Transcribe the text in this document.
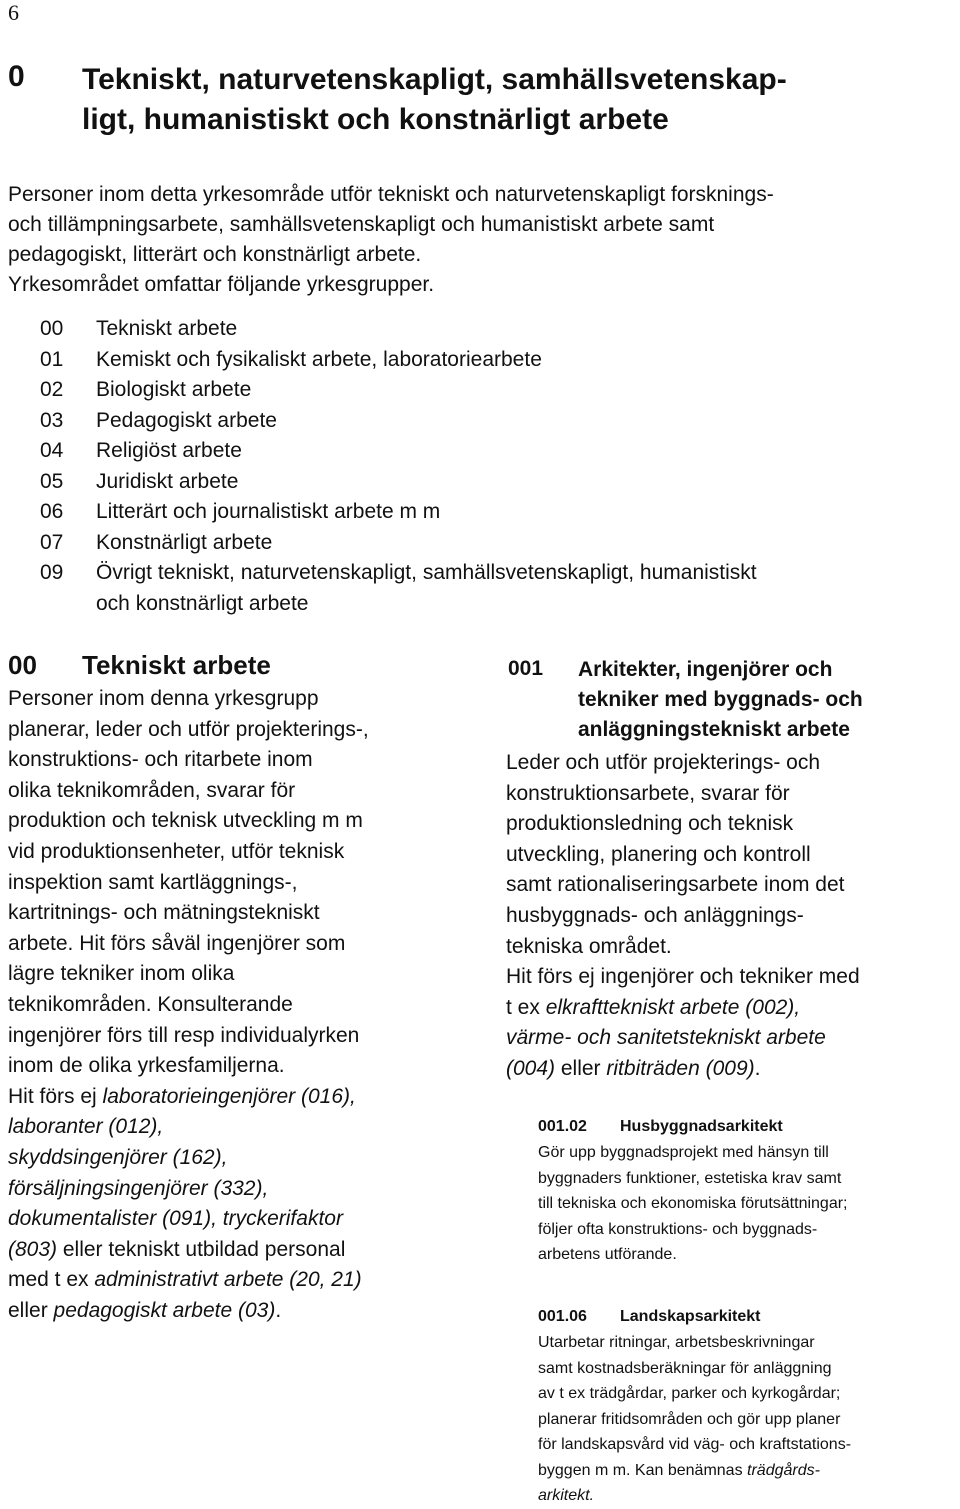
6
0 Tekniskt, naturvetenskapligt, samhällsvetenskap-
ligt, humanistiskt och konstnärligt arbete
Personer inom detta yrkesområde utför tekniskt och naturvetenskapligt forsknings-
och tillämpningsarbete, samhällsvetenskapligt och humanistiskt arbete samt
pedagogiskt, litterärt och konstnärligt arbete.
Yrkesområdet omfattar följande yrkesgrupper.
00 Tekniskt arbete
01 Kemiskt och fysikaliskt arbete, laboratoriearbete
02 Biologiskt arbete
03 Pedagogiskt arbete
04 Religiöst arbete
05 Juridiskt arbete
06 Litterärt och journalistiskt arbete m m
07 Konstnärligt arbete
09 Övrigt tekniskt, naturvetenskapligt, samhällsvetenskapligt, humanistiskt
och konstnärligt arbete
00 Tekniskt arbete
Personer inom denna yrkesgrupp
planerar, leder och utför projekterings-,
konstruktions- och ritarbete inom
olika teknikområden, svarar för
produktion och teknisk utveckling m m
vid produktionsenheter, utför teknisk
inspektion samt kartläggnings-,
kartritnings- och mätningstekniskt
arbete. Hit förs såväl ingenjörer som
lägre tekniker inom olika
teknikområden. Konsulterande
ingenjörer förs till resp individualyrken
inom de olika yrkesfamiljerna.
Hit förs ej laboratorieingenjörer (016),
laboranter (012),
skyddsingenjörer (162),
försäljningsingenjörer (332),
dokumentalister (091), tryckerifaktor
(803) eller tekniskt utbildad personal
med t ex administrativt arbete (20, 21)
eller pedagogiskt arbete (03).
001 Arkitekter, ingenjörer och
tekniker med byggnads- och
anläggningstekniskt arbete
Leder och utför projekterings- och
konstruktionsarbete, svarar för
produktionsledning och teknisk
utveckling, planering och kontroll
samt rationaliseringsarbete inom det
husbyggnads- och anläggnings-
tekniska området.
Hit förs ej ingenjörer och tekniker med
t ex elkrafttekniskt arbete (002),
värme- och sanitetstekniskt arbete
(004) eller ritbiträden (009).
001.02 Husbyggnadsarkitekt
Gör upp byggnadsprojekt med hänsyn till
byggnaders funktioner, estetiska krav samt
till tekniska och ekonomiska förutsättningar;
följer ofta konstruktions- och byggnads-
arbetens utförande.
001.06 Landskapsarkitekt
Utarbetar ritningar, arbetsbeskrivningar
samt kostnadsberäkningar för anläggning
av t ex trädgårdar, parker och kyrkogårdar;
planerar fritidsområden och gör upp planer
för landskapsvård vid väg- och kraftstations-
byggen m m. Kan benämnas trädgårds-
arkitekt.
